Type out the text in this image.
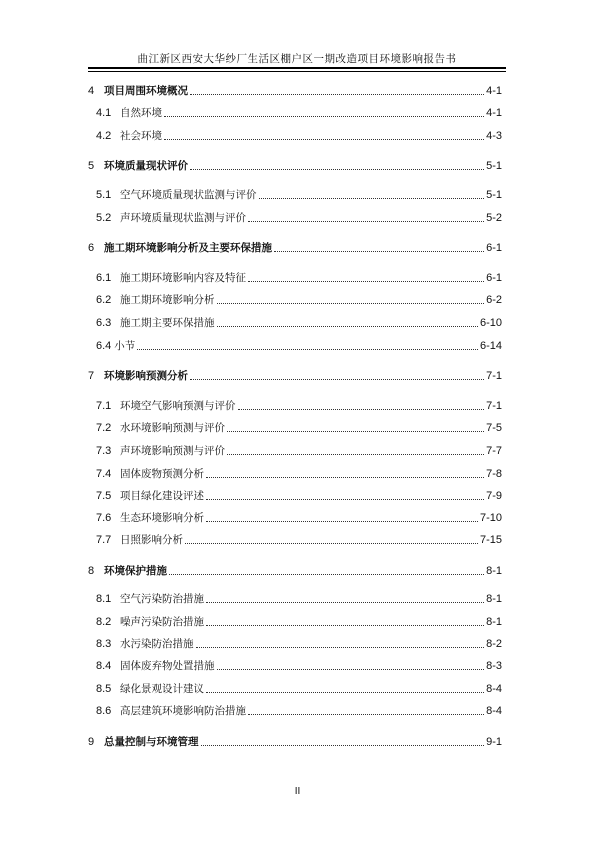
曲江新区西安大华纱厂生活区棚户区一期改造项目环境影响报告书
4 项目周围环境概况	4-1
4.1 自然环境	4-1
4.2 社会环境	4-3
5 环境质量现状评价	5-1
5.1 空气环境质量现状监测与评价	5-1
5.2 声环境质量现状监测与评价	5-2
6 施工期环境影响分析及主要环保措施	6-1
6.1 施工期环境影响内容及特征	6-1
6.2 施工期环境影响分析	6-2
6.3 施工期主要环保措施	6-10
6.4 小节	6-14
7 环境影响预测分析	7-1
7.1 环境空气影响预测与评价	7-1
7.2 水环境影响预测与评价	7-5
7.3 声环境影响预测与评价	7-7
7.4 固体废物预测分析	7-8
7.5 项目绿化建设评述	7-9
7.6 生态环境影响分析	7-10
7.7 日照影响分析	7-15
8 环境保护措施	8-1
8.1 空气污染防治措施	8-1
8.2 噪声污染防治措施	8-1
8.3 水污染防治措施	8-2
8.4 固体废弃物处置措施	8-3
8.5 绿化景观设计建议	8-4
8.6 高层建筑环境影响防治措施	8-4
9 总量控制与环境管理	9-1
II
